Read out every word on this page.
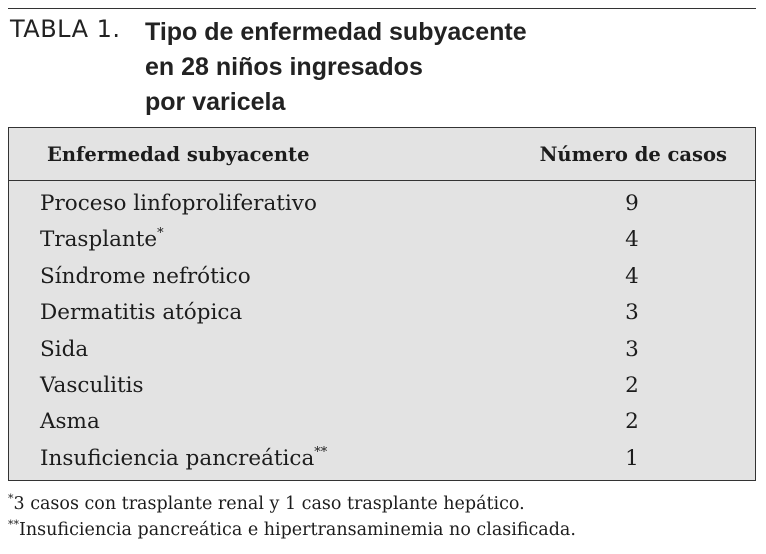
TABLA 1. Tipo de enfermedad subyacente
en 28 niños ingresados
por varicela
Enfermedad subyacente	Número de casos
Proceso linfoproliferativo	9
Trasplante*	4
Síndrome nefrótico	4
Dermatitis atópica	3
Sida	3
Vasculitis	2
Asma	2
Insuficiencia pancreática**	1
*3 casos con trasplante renal y 1 caso trasplante hepático.
**Insuficiencia pancreática e hipertransaminemia no clasificada.
